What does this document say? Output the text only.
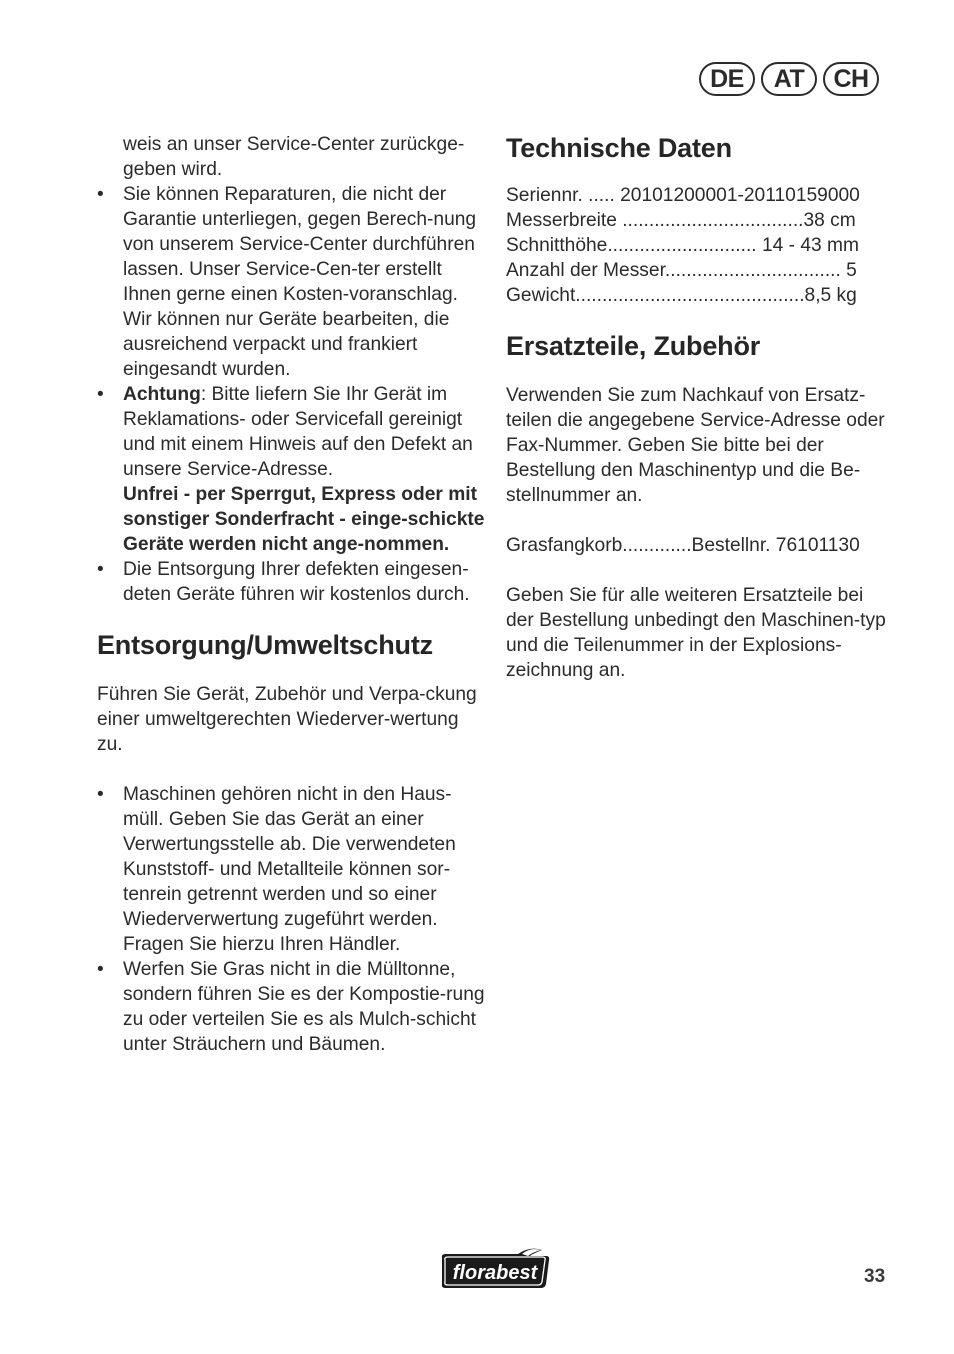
DE	AT	CH

weis an unser Service-Center zurückge-geben wird.

• Sie können Reparaturen, die nicht der Garantie unterliegen, gegen Berech-nung von unserem Service-Center durchführen lassen. Unser Service-Cen-ter erstellt Ihnen gerne einen Kosten-voranschlag. Wir können nur Geräte bearbeiten, die ausreichend verpackt und frankiert eingesandt wurden.
• Achtung: Bitte liefern Sie Ihr Gerät im Reklamations- oder Servicefall gereinigt und mit einem Hinweis auf den Defekt an unsere Service-Adresse.
Unfrei - per Sperrgut, Express oder mit sonstiger Sonderfracht - einge-schickte Geräte werden nicht ange-nommen.
• Die Entsorgung Ihrer defekten eingesen-deten Geräte führen wir kostenlos durch.
Entsorgung/Umweltschutz

Führen Sie Gerät, Zubehör und Verpa-ckung einer umweltgerechten Wiederver-wertung zu.

• Maschinen gehören nicht in den Haus-müll. Geben Sie das Gerät an einer Verwertungsstelle ab. Die verwendeten Kunststoff- und Metallteile können sor-tenrein getrennt werden und so einer Wiederverwertung zugeführt werden. Fragen Sie hierzu Ihren Händler.
• Werfen Sie Gras nicht in die Mülltonne, sondern führen Sie es der Kompostie-rung zu oder verteilen Sie es als Mulch-schicht unter Sträuchern und Bäumen.
Technische Daten
Seriennr. ..... 20101200001-20110159000
Messerbreite ..................................38 cm
Schnitthöhe............................ 14 - 43 mm
Anzahl der Messer................................. 5
Gewicht...........................................8,5 kg
Ersatzteile, Zubehör

Verwenden Sie zum Nachkauf von Ersatz-teilen die angegebene Service-Adresse oder Fax-Nummer. Geben Sie bitte bei der Bestellung den Maschinentyp und die Be-stellnummer an.

Grasfangkorb.............Bestellnr. 76101130

Geben Sie für alle weiteren Ersatzteile bei der Bestellung unbedingt den Maschinen-typ und die Teilenummer in der Explosions-zeichnung an.

florabest	33
